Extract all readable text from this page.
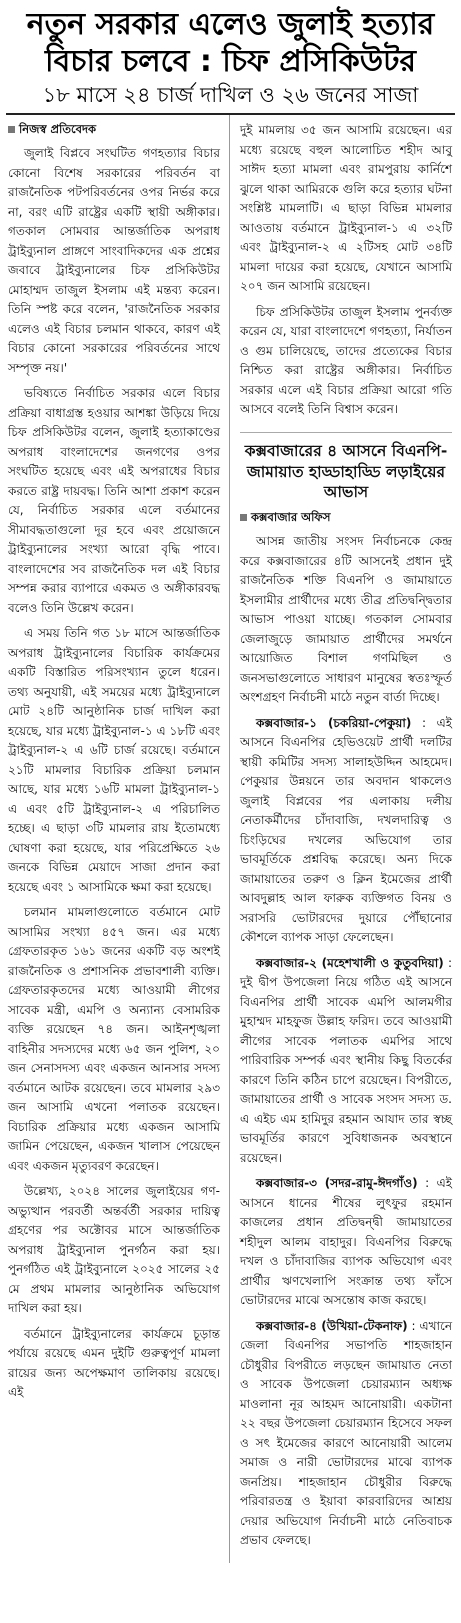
নতুন সরকার এলেও জুলাই হত্যার
বিচার চলবে : চিফ প্রসিকিউটর
১৮ মাসে ২৪ চার্জ দাখিল ও ২৬ জনের সাজা
নিজস্ব প্রতিবেদক

জুলাই বিপ্লবে সংঘটিত গণহত্যার বিচার কোনো বিশেষ সরকারের পরিবর্তন বা রাজনৈতিক পটপরিবর্তনের ওপর নির্ভর করে না, বরং এটি রাষ্ট্রের একটি স্থায়ী অঙ্গীকার। গতকাল সোমবার আন্তর্জাতিক অপরাধ ট্রাইব্যুনাল প্রাঙ্গণে সাংবাদিকদের এক প্রশ্নের জবাবে ট্রাইব্যুনালের চিফ প্রসিকিউটর মোহাম্মদ তাজুল ইসলাম এই মন্তব্য করেন। তিনি স্পষ্ট করে বলেন, 'রাজনৈতিক সরকার এলেও এই বিচার চলমান থাকবে, কারণ এই বিচার কোনো সরকারের পরিবর্তনের সাথে সম্পৃক্ত নয়।'

ভবিষ্যতে নির্বাচিত সরকার এলে বিচার প্রক্রিয়া বাধাগ্রস্ত হওয়ার আশঙ্কা উড়িয়ে দিয়ে চিফ প্রসিকিউটর বলেন, জুলাই হত্যাকাণ্ডের অপরাধ বাংলাদেশের জনগণের ওপর সংঘটিত হয়েছে এবং এই অপরাধের বিচার করতে রাষ্ট্র দায়বদ্ধ। তিনি আশা প্রকাশ করেন যে, নির্বাচিত সরকার এলে বর্তমানের সীমাবদ্ধতাগুলো দূর হবে এবং প্রয়োজনে ট্রাইব্যুনালের সংখ্যা আরো বৃদ্ধি পাবে। বাংলাদেশের সব রাজনৈতিক দল এই বিচার সম্পন্ন করার ব্যাপারে একমত ও অঙ্গীকারবদ্ধ বলেও তিনি উল্লেখ করেন।

এ সময় তিনি গত ১৮ মাসে আন্তর্জাতিক অপরাধ ট্রাইব্যুনালের বিচারিক কার্যক্রমের একটি বিস্তারিত পরিসংখ্যান তুলে ধরেন। তথ্য অনুযায়ী, এই সময়ের মধ্যে ট্রাইব্যুনালে মোট ২৪টি আনুষ্ঠানিক চার্জ দাখিল করা হয়েছে, যার মধ্যে ট্রাইব্যুনাল-১ এ ১৮টি এবং ট্রাইব্যুনাল-২ এ ৬টি চার্জ রয়েছে। বর্তমানে ২১টি মামলার বিচারিক প্রক্রিয়া চলমান আছে, যার মধ্যে ১৬টি মামলা ট্রাইব্যুনাল-১ এ এবং ৫টি ট্রাইব্যুনাল-২ এ পরিচালিত হচ্ছে। এ ছাড়া ৩টি মামলার রায় ইতোমধ্যে ঘোষণা করা হয়েছে, যার পরিপ্রেক্ষিতে ২৬ জনকে বিভিন্ন মেয়াদে সাজা প্রদান করা হয়েছে এবং ১ আসামিকে ক্ষমা করা হয়েছে।

চলমান মামলাগুলোতে বর্তমানে মোট আসামির সংখ্যা ৪৫৭ জন। এর মধ্যে গ্রেফতারকৃত ১৬১ জনের একটি বড় অংশই রাজনৈতিক ও প্রশাসনিক প্রভাবশালী ব্যক্তি। গ্রেফতারকৃতদের মধ্যে আওয়ামী লীগের সাবেক মন্ত্রী, এমপি ও অন্যান্য বেসামরিক ব্যক্তি রয়েছেন ৭৪ জন। আইনশৃঙ্খলা বাহিনীর সদস্যদের মধ্যে ৬৫ জন পুলিশ, ২০ জন সেনাসদস্য এবং একজন আনসার সদস্য বর্তমানে আটক রয়েছেন। তবে মামলার ২৯৩ জন আসামি এখনো পলাতক রয়েছেন। বিচারিক প্রক্রিয়ার মধ্যে একজন আসামি জামিন পেয়েছেন, একজন খালাস পেয়েছেন এবং একজন মৃত্যুবরণ করেছেন।

উল্লেখ্য, ২০২৪ সালের জুলাইয়ের গণ-অভ্যুত্থান পরবর্তী অন্তর্বর্তী সরকার দায়িত্ব গ্রহণের পর অক্টোবর মাসে আন্তর্জাতিক অপরাধ ট্রাইব্যুনাল পুনর্গঠন করা হয়। পুনর্গঠিত এই ট্রাইব্যুনালে ২০২৫ সালের ২৫ মে প্রথম মামলার আনুষ্ঠানিক অভিযোগ দাখিল করা হয়।

বর্তমানে ট্রাইব্যুনালের কার্যক্রমে চূড়ান্ত পর্যায়ে রয়েছে এমন দুইটি গুরুত্বপূর্ণ মামলা রায়ের জন্য অপেক্ষমাণ তালিকায় রয়েছে। এই

দুই মামলায় ৩৫ জন আসামি রয়েছেন। এর মধ্যে রয়েছে বহুল আলোচিত শহীদ আবু সাঈদ হত্যা মামলা এবং রামপুরায় কার্নিশে ঝুলে থাকা আমিরকে গুলি করে হত্যার ঘটনা সংশ্লিষ্ট মামলাটি। এ ছাড়া বিভিন্ন মামলার আওতায় বর্তমানে ট্রাইব্যুনাল-১ এ ৩২টি এবং ট্রাইব্যুনাল-২ এ ২টিসহ মোট ৩৪টি মামলা দায়ের করা হয়েছে, যেখানে আসামি ২০৭ জন আসামি রয়েছেন।

চিফ প্রসিকিউটর তাজুল ইসলাম পুনর্ব্যক্ত করেন যে, যারা বাংলাদেশে গণহত্যা, নির্যাতন ও গুম চালিয়েছে, তাদের প্রত্যেকের বিচার নিশ্চিত করা রাষ্ট্রের অঙ্গীকার। নির্বাচিত সরকার এলে এই বিচার প্রক্রিয়া আরো গতি আসবে বলেই তিনি বিশ্বাস করেন।

কক্সবাজারের ৪ আসনে বিএনপি-জামায়াত হাড্ডাহাড্ডি লড়াইয়ের আভাস
কক্সবাজার অফিস

আসন্ন জাতীয় সংসদ নির্বাচনকে কেন্দ্র করে কক্সবাজারের ৪টি আসনেই প্রধান দুই রাজনৈতিক শক্তি বিএনপি ও জামায়াতে ইসলামীর প্রার্থীদের মধ্যে তীব্র প্রতিদ্বন্দ্বিতার আভাস পাওয়া যাচ্ছে। গতকাল সোমবার জেলাজুড়ে জামায়াত প্রার্থীদের সমর্থনে আয়োজিত বিশাল গণমিছিল ও জনসভাগুলোতে সাধারণ মানুষের স্বতঃস্ফূর্ত অংশগ্রহণ নির্বাচনী মাঠে নতুন বার্তা দিচ্ছে।

কক্সবাজার-১ (চকরিয়া-পেকুয়া) : এই আসনে বিএনপির হেভিওয়েট প্রার্থী দলটির স্থায়ী কমিটির সদস্য সালাহউদ্দিন আহমেদ। পেকুয়ার উন্নয়নে তার অবদান থাকলেও জুলাই বিপ্লবের পর এলাকায় দলীয় নেতাকর্মীদের চাঁদাবাজি, দখলদারিত্ব ও চিংড়িঘের দখলের অভিযোগ তার ভাবমূর্তিকে প্রশ্নবিদ্ধ করেছে। অন্য দিকে জামায়াতের তরুণ ও ক্লিন ইমেজের প্রার্থী আবদুল্লাহ আল ফারুক ব্যক্তিগত বিনয় ও সরাসরি ভোটারদের দুয়ারে পৌঁছানোর কৌশলে ব্যাপক সাড়া ফেলেছেন।

কক্সবাজার-২ (মহেশখালী ও কুতুবদিয়া) : দুই দ্বীপ উপজেলা নিয়ে গঠিত এই আসনে বিএনপির প্রার্থী সাবেক এমপি আলমগীর মুহাম্মদ মাহফুজ উল্লাহ ফরিদ। তবে আওয়ামী লীগের সাবেক পলাতক এমপির সাথে পারিবারিক সম্পর্ক এবং স্থানীয় কিছু বিতর্কের কারণে তিনি কঠিন চাপে রয়েছেন। বিপরীতে, জামায়াতের প্রার্থী ও সাবেক সংসদ সদস্য ড. এ এইচ এম হামিদুর রহমান আযাদ তার স্বচ্ছ ভাবমূর্তির কারণে সুবিধাজনক অবস্থানে রয়েছেন।

কক্সবাজার-৩ (সদর-রামু-ঈদগাঁও) : এই আসনে ধানের শীষের লুৎফুর রহমান কাজলের প্রধান প্রতিদ্বন্দ্বী জামায়াতের শহীদুল আলম বাহাদুর। বিএনপির বিরুদ্ধে দখল ও চাঁদাবাজির ব্যাপক অভিযোগ এবং প্রার্থীর ঋণখেলাপি সংক্রান্ত তথ্য ফাঁসে ভোটারদের মাঝে অসন্তোষ কাজ করছে।

কক্সবাজার-৪ (উখিয়া-টেকনাফ) : এখানে জেলা বিএনপির সভাপতি শাহজাহান চৌধুরীর বিপরীতে লড়ছেন জামায়াত নেতা ও সাবেক উপজেলা চেয়ারম্যান অধ্যক্ষ মাওলানা নূর আহমদ আনোয়ারী। একটানা ২২ বছর উপজেলা চেয়ারম্যান হিসেবে সফল ও সৎ ইমেজের কারণে আনোয়ারী আলেম সমাজ ও নারী ভোটারদের মাঝে ব্যাপক জনপ্রিয়। শাহজাহান চৌধুরীর বিরুদ্ধে পরিবারতন্ত্র ও ইয়াবা কারবারিদের আশ্রয় দেয়ার অভিযোগ নির্বাচনী মাঠে নেতিবাচক প্রভাব ফেলছে।
